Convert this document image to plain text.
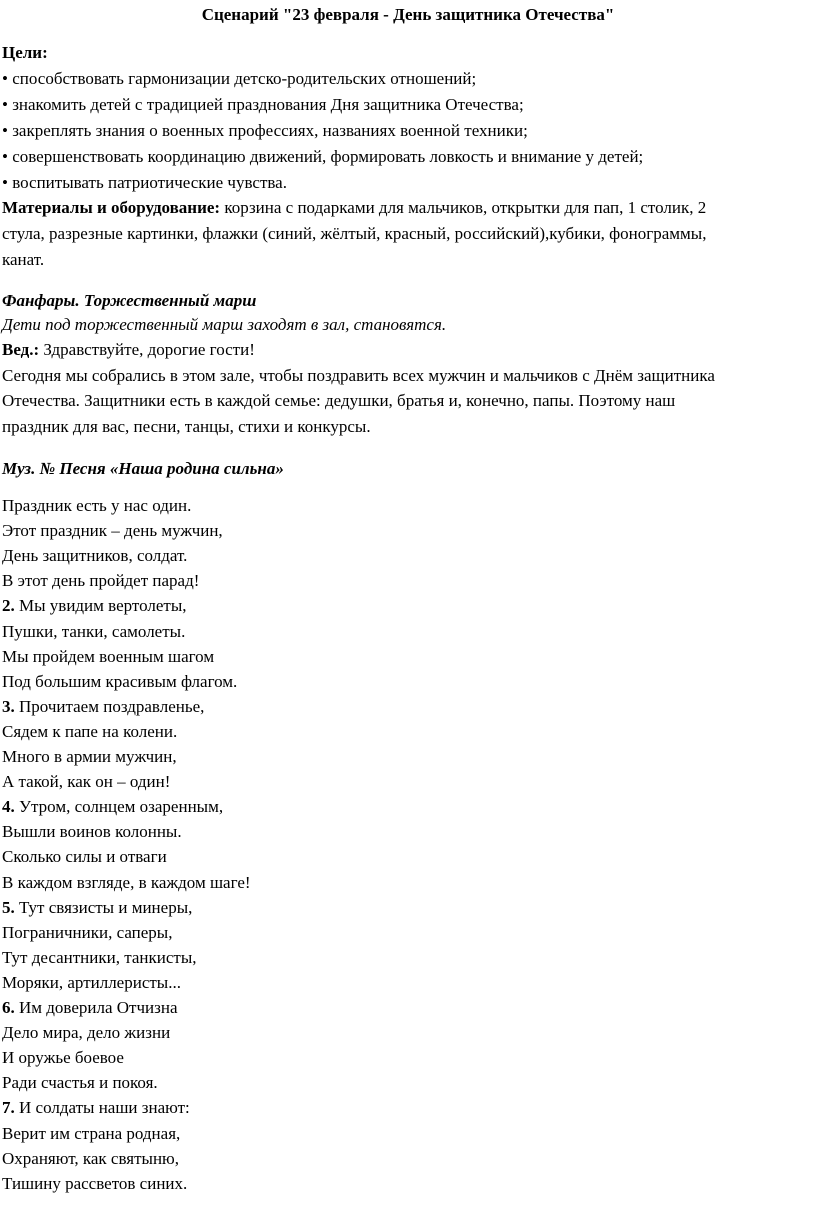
Сценарий "23 февраля - День защитника Отечества"
Цели:
• способствовать гармонизации детско-родительских отношений;
• знакомить детей с традицией празднования Дня защитника Отечества;
• закреплять знания о военных профессиях, названиях военной техники;
• совершенствовать координацию движений, формировать ловкость и внимание у детей;
• воспитывать патриотические чувства.
Материалы и оборудование: корзина с подарками для мальчиков, открытки для пап, 1 столик, 2
стула, разрезные картинки, флажки (синий, жёлтый, красный, российский),кубики, фонограммы,
канат.
Фанфары. Торжественный марш
Дети под торжественный марш заходят в зал, становятся.
Вед.: Здравствуйте, дорогие гости!
Сегодня мы собрались в этом зале, чтобы поздравить всех мужчин и мальчиков с Днём защитника
Отечества. Защитники есть в каждой семье: дедушки, братья и, конечно, папы. Поэтому наш
праздник для вас, песни, танцы, стихи и конкурсы.
Муз. № Песня «Наша родина сильна»
Праздник есть у нас один.
Этот праздник – день мужчин,
День защитников, солдат.
В этот день пройдет парад!
2. Мы увидим вертолеты,
Пушки, танки, самолеты.
Мы пройдем военным шагом
Под большим красивым флагом.
3. Прочитаем поздравленье,
Сядем к папе на колени.
Много в армии мужчин,
А такой, как он – один!
4. Утром, солнцем озаренным,
Вышли воинов колонны.
Сколько силы и отваги
В каждом взгляде, в каждом шаге!
5. Тут связисты и минеры,
Пограничники, саперы,
Тут десантники, танкисты,
Моряки, артиллеристы...
6. Им доверила Отчизна
Дело мира, дело жизни
И оружье боевое
Ради счастья и покоя.
7. И солдаты наши знают:
Верит им страна родная,
Охраняют, как святыню,
Тишину рассветов синих.
